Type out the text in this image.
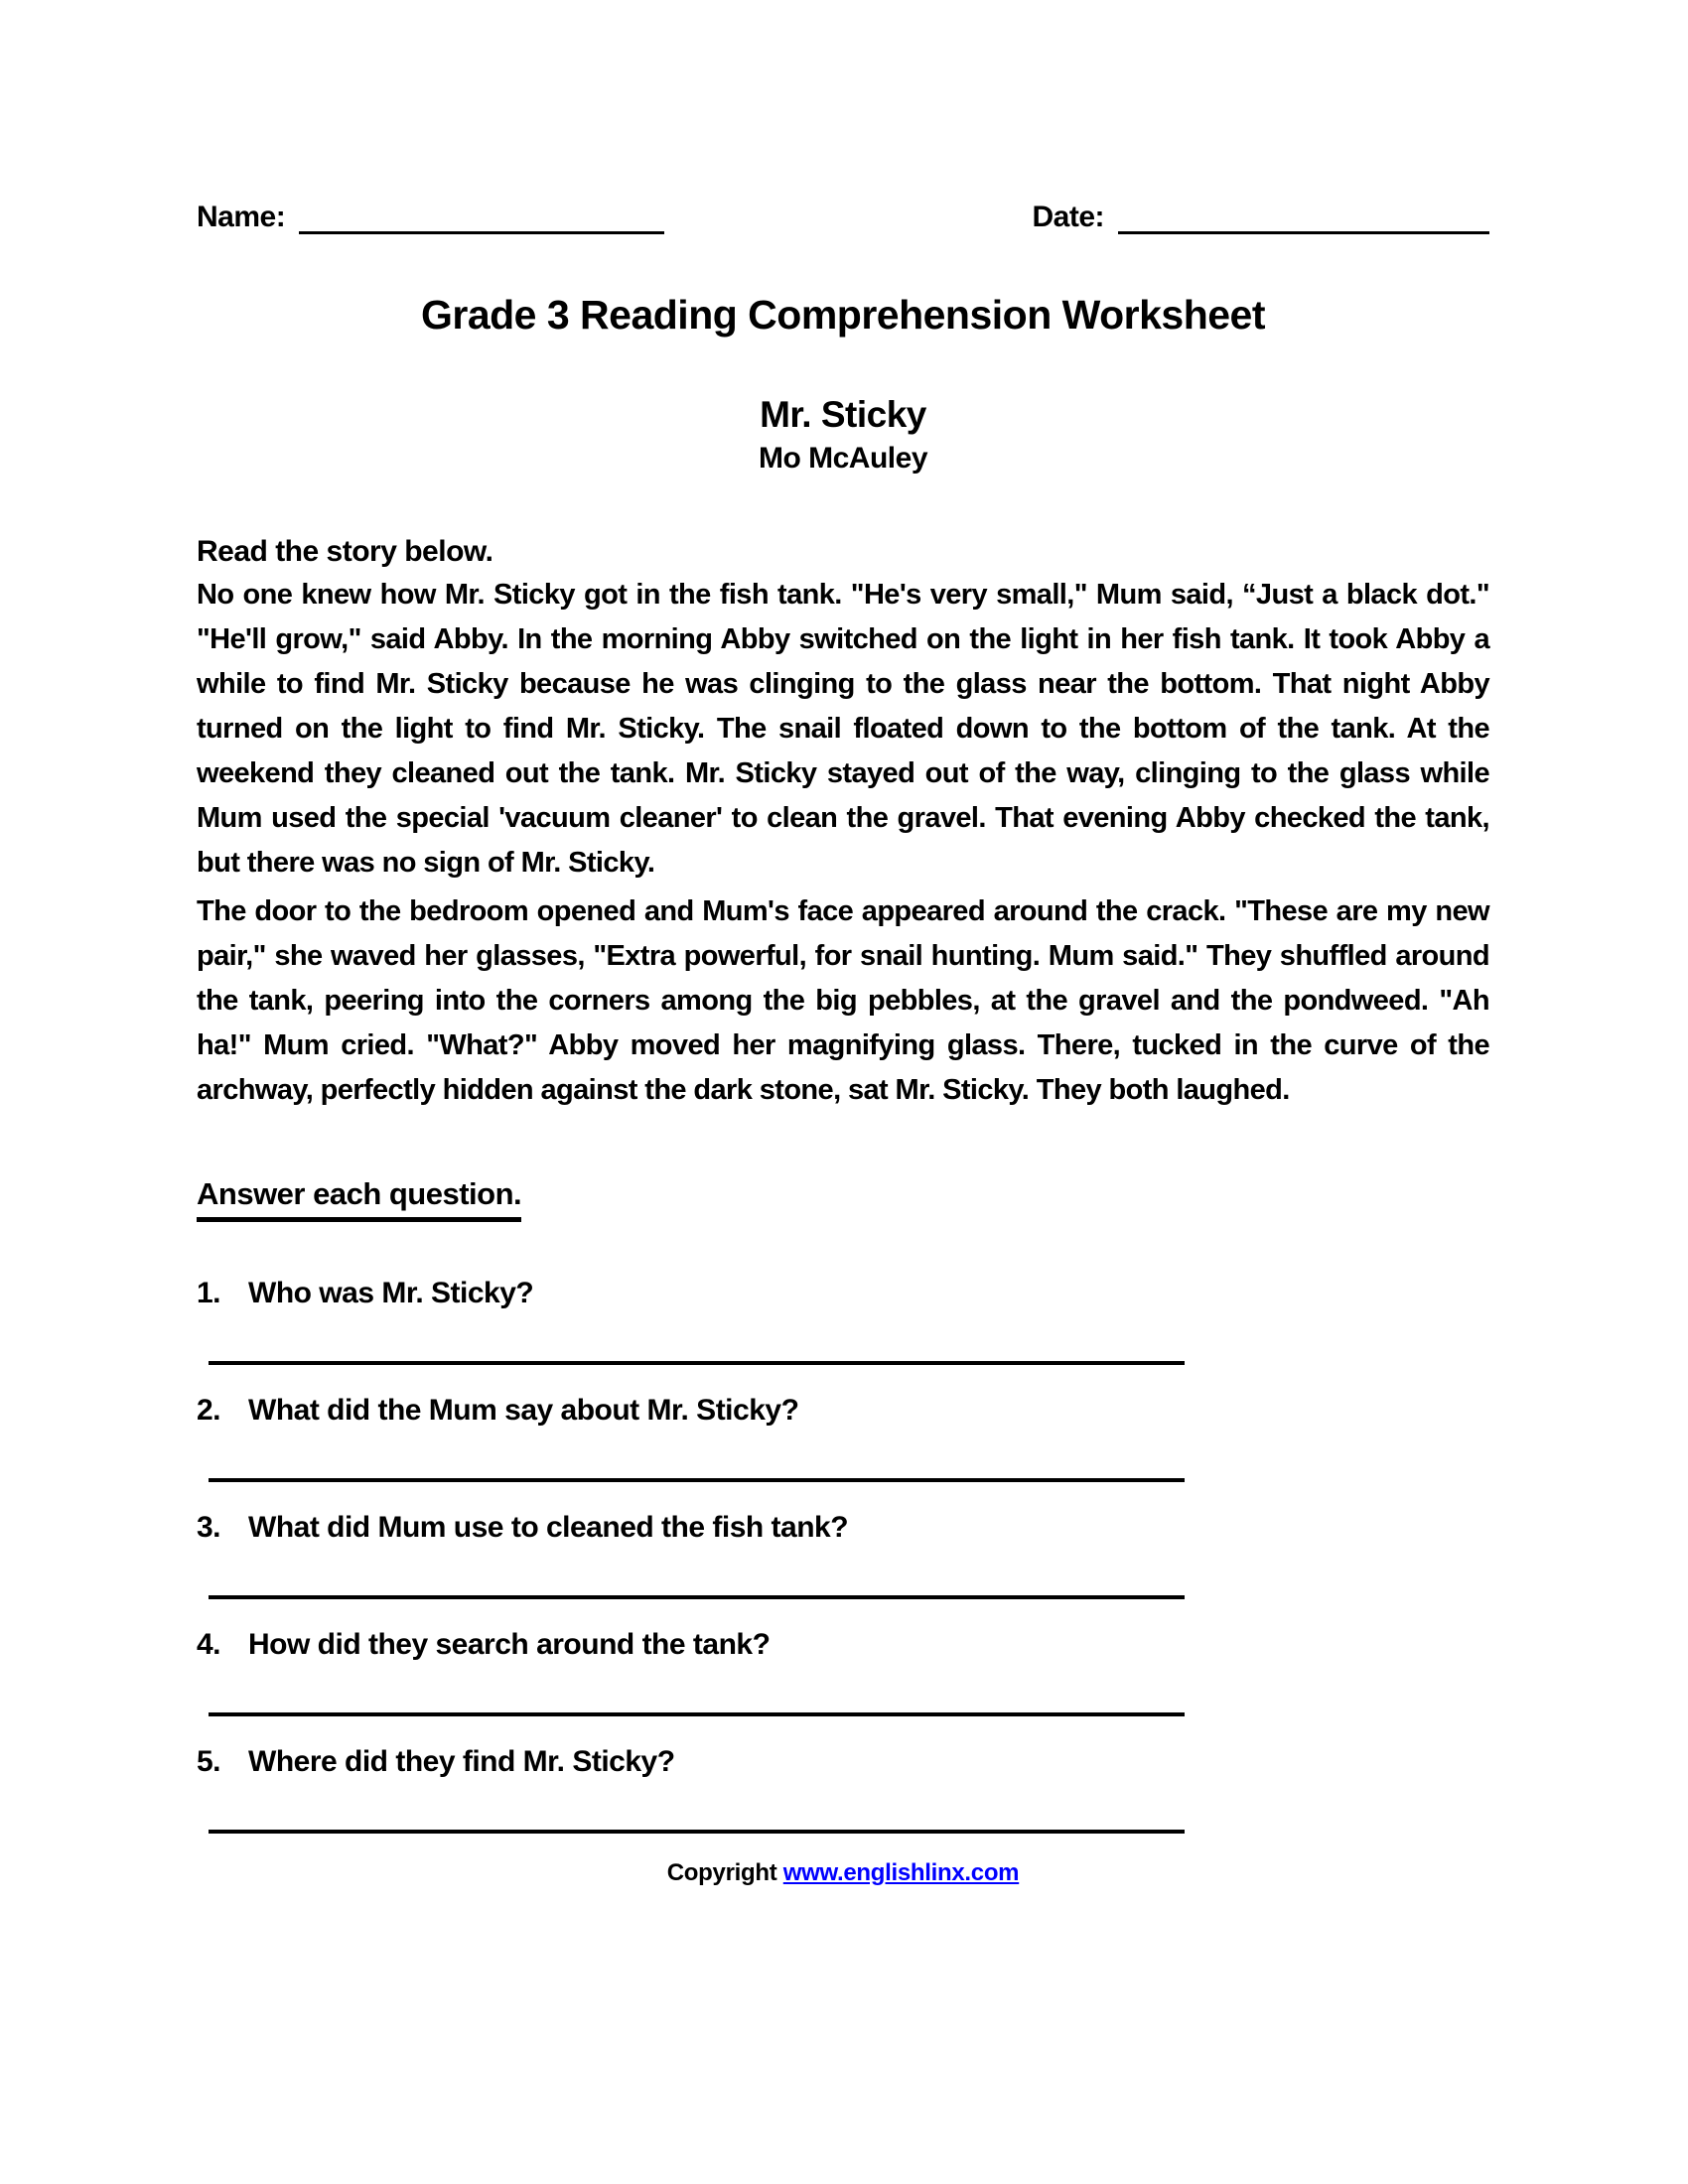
Name:	Date:
Grade 3 Reading Comprehension Worksheet
Mr. Sticky
Mo McAuley
Read the story below.

No one knew how Mr. Sticky got in the fish tank. "He's very small," Mum said, “Just a black dot." "He'll grow," said Abby. In the morning Abby switched on the light in her fish tank. It took Abby a while to find Mr. Sticky because he was clinging to the glass near the bottom. That night Abby turned on the light to find Mr. Sticky. The snail floated down to the bottom of the tank. At the weekend they cleaned out the tank. Mr. Sticky stayed out of the way, clinging to the glass while Mum used the special 'vacuum cleaner' to clean the gravel. That evening Abby checked the tank, but there was no sign of Mr. Sticky.

The door to the bedroom opened and Mum's face appeared around the crack. "These are my new pair," she waved her glasses, "Extra powerful, for snail hunting. Mum said." They shuffled around the tank, peering into the corners among the big pebbles, at the gravel and the pondweed. "Ah ha!" Mum cried. "What?" Abby moved her magnifying glass. There, tucked in the curve of the archway, perfectly hidden against the dark stone, sat Mr. Sticky. They both laughed.

Answer each question.
1. Who was Mr. Sticky?
2. What did the Mum say about Mr. Sticky?
3. What did Mum use to cleaned the fish tank?
4. How did they search around the tank?
5. Where did they find Mr. Sticky?
Copyright www.englishlinx.com
